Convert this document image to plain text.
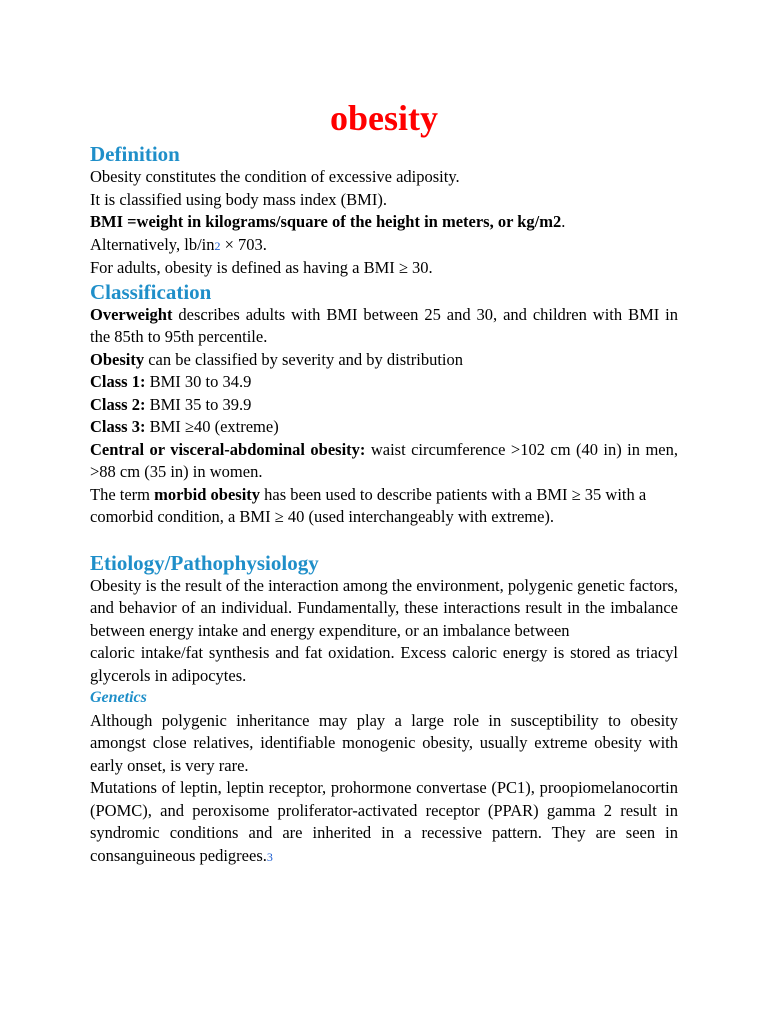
obesity
Definition

Obesity constitutes the condition of excessive adiposity.

It is classified using body mass index (BMI).

BMI =weight in kilograms/square of the height in meters, or kg/m2.

Alternatively, lb/in2 × 703.

For adults, obesity is defined as having a BMI ≥ 30.

Classification

Overweight describes adults with BMI between 25 and 30, and children with BMI in the 85th to 95th percentile.

Obesity can be classified by severity and by distribution

Class 1: BMI 30 to 34.9

Class 2: BMI 35 to 39.9

Class 3: BMI ≥40 (extreme)

Central or visceral-abdominal obesity: waist circumference >102 cm (40 in) in men, >88 cm (35 in) in women.

The term morbid obesity has been used to describe patients with a BMI ≥ 35 with a comorbid condition, a BMI ≥ 40 (used interchangeably with extreme).

Etiology/Pathophysiology

Obesity is the result of the interaction among the environment, polygenic genetic factors, and behavior of an individual. Fundamentally, these interactions result in the imbalance between energy intake and energy expenditure, or an imbalance between

caloric intake/fat synthesis and fat oxidation. Excess caloric energy is stored as triacyl glycerols in adipocytes.

Genetics

Although polygenic inheritance may play a large role in susceptibility to obesity amongst close relatives, identifiable monogenic obesity, usually extreme obesity with early onset, is very rare.

Mutations of leptin, leptin receptor, prohormone convertase (PC1), proopiomelanocortin (POMC), and peroxisome proliferator-activated receptor (PPAR) gamma 2 result in syndromic conditions and are inherited in a recessive pattern. They are seen in consanguineous pedigrees.3
